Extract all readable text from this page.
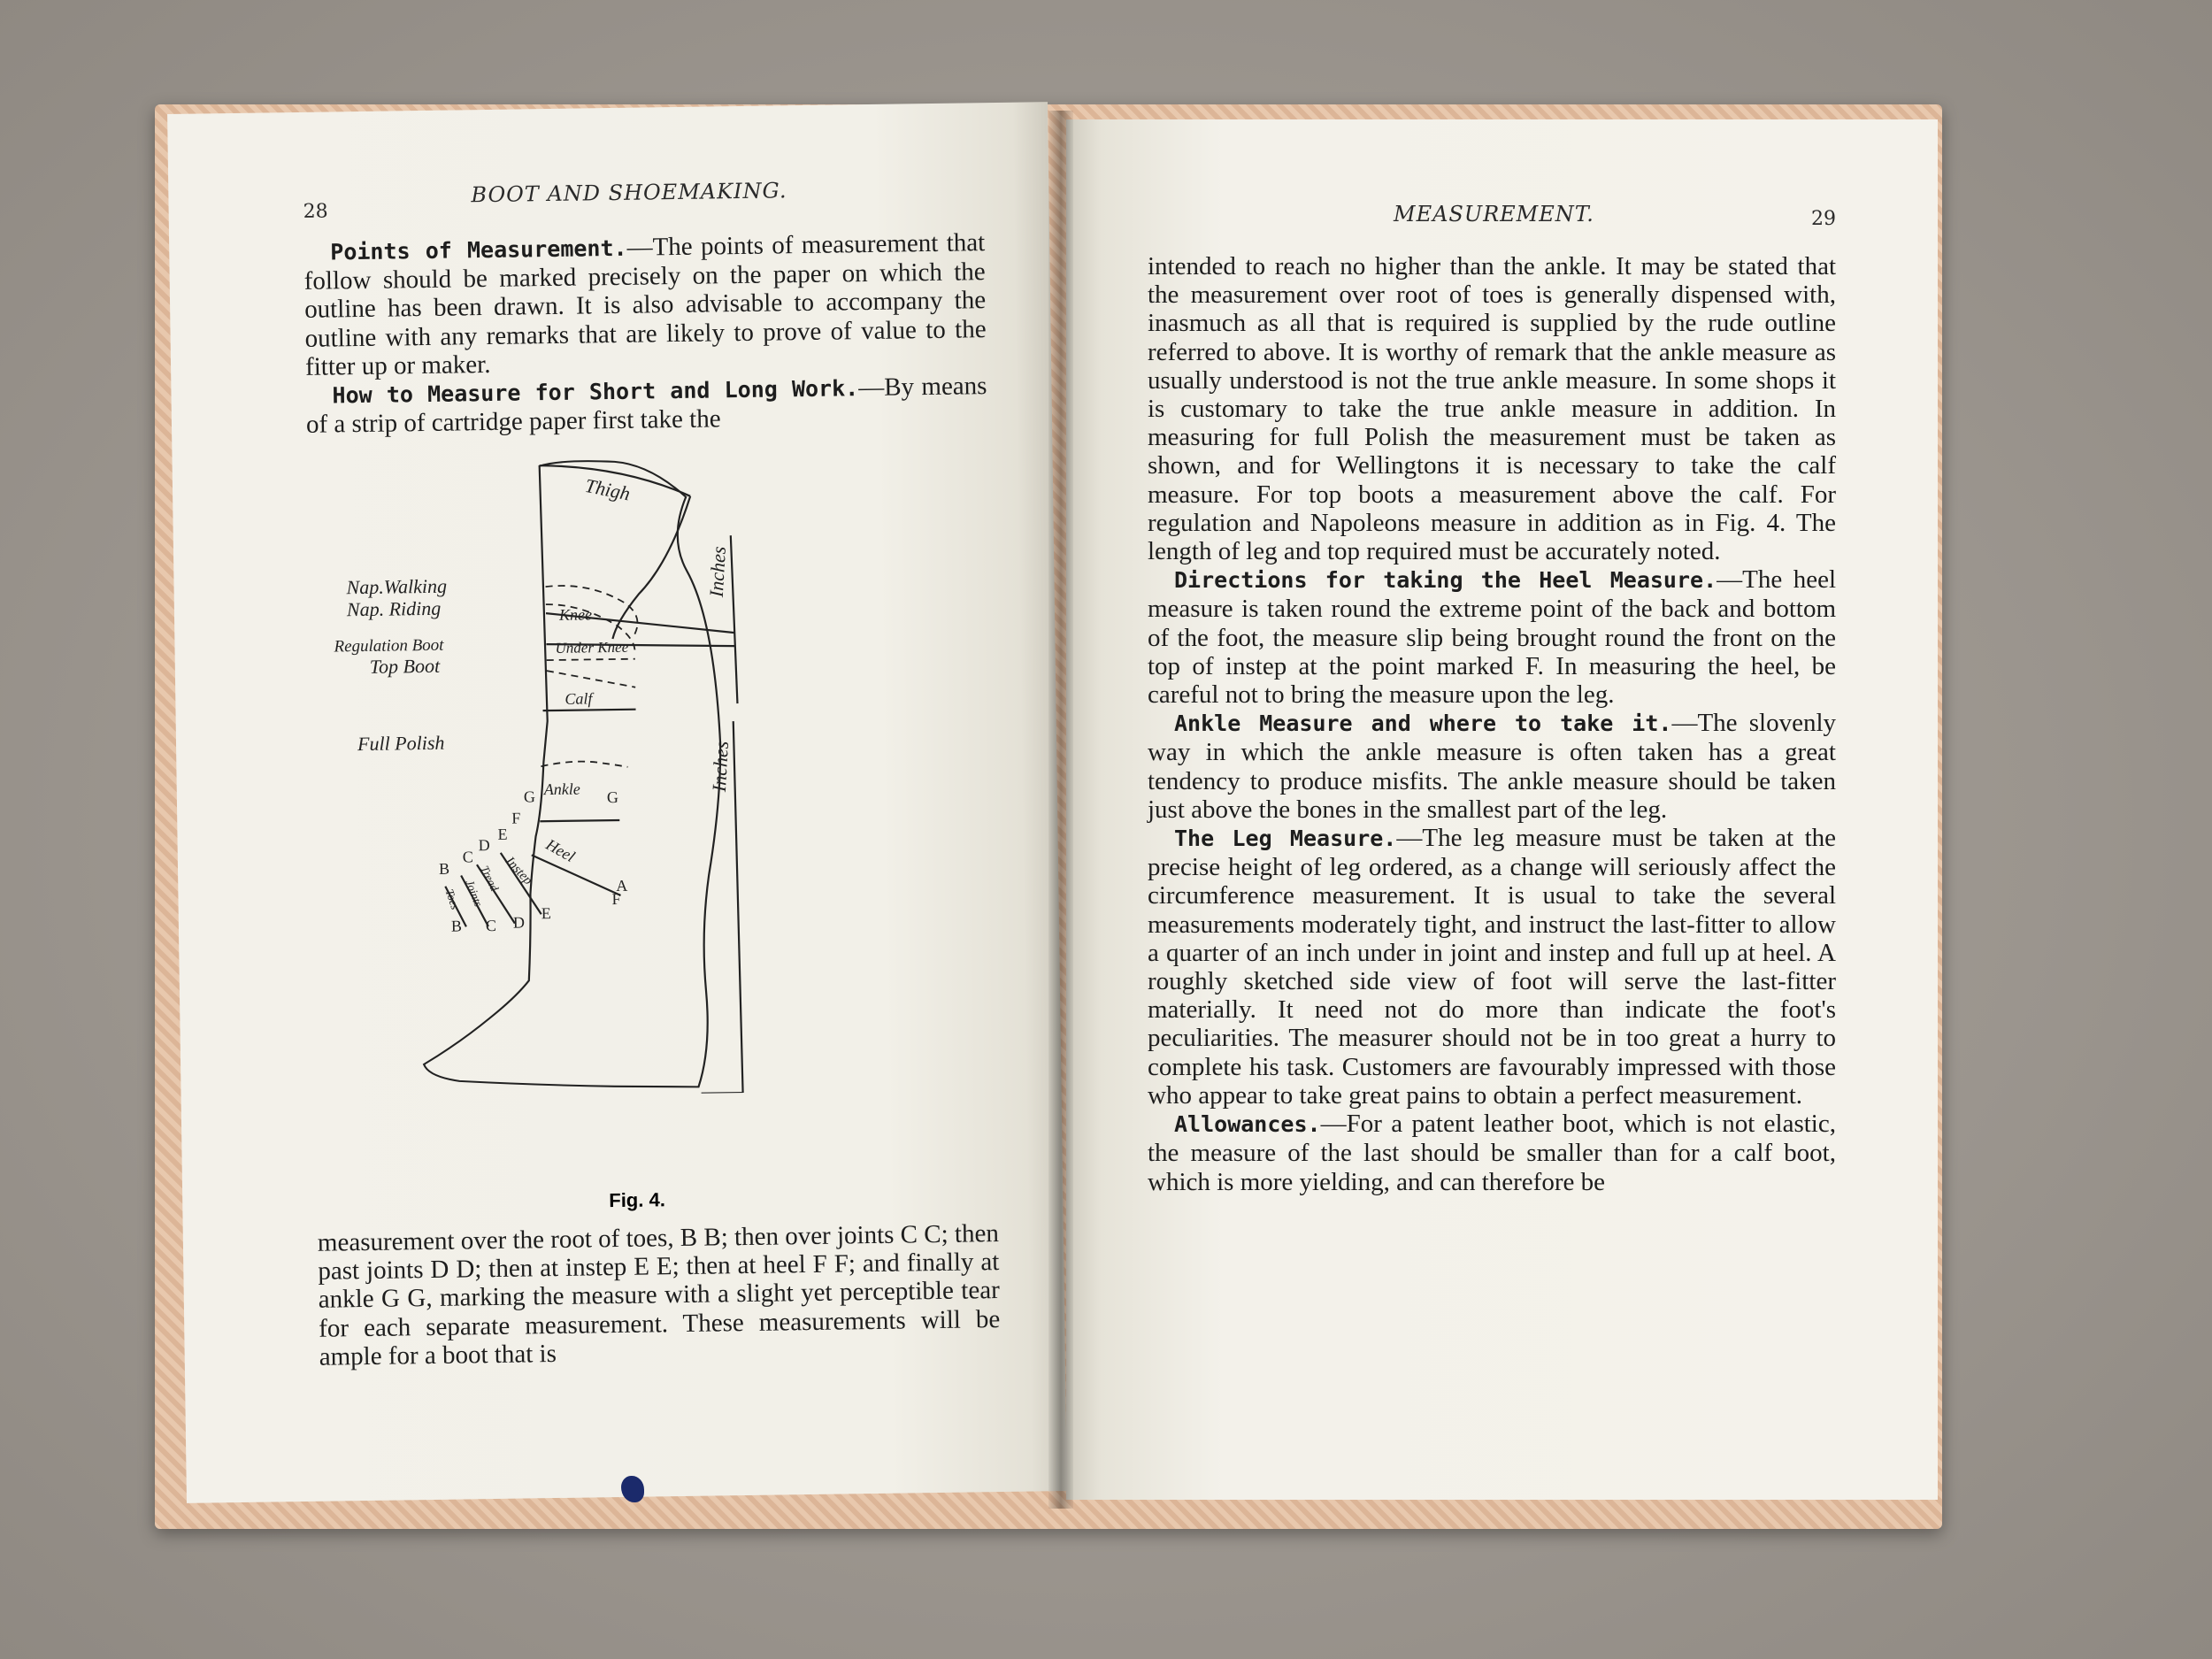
28
BOOT AND SHOEMAKING.

Points of Measurement.—The points of measurement that follow should be marked precisely on the paper on which the outline has been drawn. It is also advisable to accompany the outline with any remarks that are likely to prove of value to the fitter up or maker.

How to Measure for Short and Long Work.—By means of a strip of cartridge paper first take the

Nap.Walking
Nap. Riding
Regulation Boot
Top Boot
Full Polish
Thigh
Knee
Under Knee
Calf
Ankle
Heel
Instep
Tread
Joints
Toes
Inches
Inches
G	G
F
F
E
E
D
D
C
C
B
B
A
Fig. 4.

measurement over the root of toes, B B; then over joints C C; then past joints D D; then at instep E E; then at heel F F; and finally at ankle G G, marking the measure with a slight yet perceptible tear for each separate measurement. These measurements will be ample for a boot that is

MEASUREMENT.	29

intended to reach no higher than the ankle. It may be stated that the measurement over root of toes is generally dispensed with, inasmuch as all that is required is supplied by the rude outline referred to above. It is worthy of remark that the ankle measure as usually understood is not the true ankle measure. In some shops it is customary to take the true ankle measure in addition. In measuring for full Polish the measurement must be taken as shown, and for Wellingtons it is necessary to take the calf measure. For top boots a measurement above the calf. For regulation and Napoleons measure in addition as in Fig. 4. The length of leg and top required must be accurately noted.

Directions for taking the Heel Measure.—The heel measure is taken round the extreme point of the back and bottom of the foot, the measure slip being brought round the front on the top of instep at the point marked F. In measuring the heel, be careful not to bring the measure upon the leg.

Ankle Measure and where to take it.—The slovenly way in which the ankle measure is often taken has a great tendency to produce misfits. The ankle measure should be taken just above the bones in the smallest part of the leg.

The Leg Measure.—The leg measure must be taken at the precise height of leg ordered, as a change will seriously affect the circumference measurement. It is usual to take the several measurements moderately tight, and instruct the last-fitter to allow a quarter of an inch under in joint and instep and full up at heel. A roughly sketched side view of foot will serve the last-fitter materially. It need not do more than indicate the foot's peculiarities. The measurer should not be in too great a hurry to complete his task. Customers are favourably impressed with those who appear to take great pains to obtain a perfect measurement.

Allowances.—For a patent leather boot, which is not elastic, the measure of the last should be smaller than for a calf boot, which is more yielding, and can therefore be
